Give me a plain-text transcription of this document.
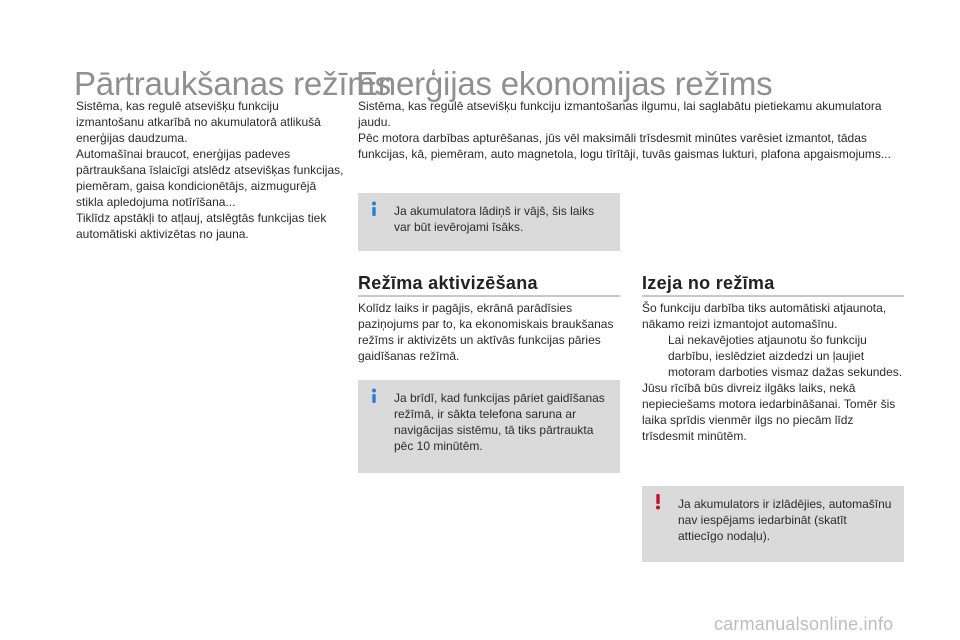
Pārtraukšanas režīms

Sistēma, kas regulē atsevišķu funkciju izmantošanu atkarībā no akumulatorā atlikušā enerģijas daudzuma.

Automašīnai braucot, enerģijas padeves pārtraukšana īslaicīgi atslēdz atsevišķas funkcijas, piemēram, gaisa kondicionētājs, aizmugurējā stikla apledojuma notīrīšana...

Tiklīdz apstākļi to atļauj, atslēgtās funkcijas tiek automātiski aktivizētas no jauna.

Enerģijas ekonomijas režīms

Sistēma, kas regulē atsevišķu funkciju izmantošanas ilgumu, lai saglabātu pietiekamu akumulatora jaudu.

Pēc motora darbības apturēšanas, jūs vēl maksimāli trīsdesmit minūtes varēsiet izmantot, tādas funkcijas, kā, piemēram, auto magnetola, logu tīrītāji, tuvās gaismas lukturi, plafona apgaismojums...

Ja akumulatora lādiņš ir vājš, šis laiks var būt ievērojami īsāks.
Režīma aktivizēšana

Kolīdz laiks ir pagājis, ekrānā parādīsies paziņojums par to, ka ekonomiskais braukšanas režīms ir aktivizēts un aktīvās funkcijas pāries gaidīšanas režīmā.

Ja brīdī, kad funkcijas pāriet gaidīšanas režīmā, ir sākta telefona saruna ar navigācijas sistēmu, tā tiks pārtraukta pēc 10 minūtēm.
Izeja no režīma

Šo funkciju darbība tiks automātiski atjaunota, nākamo reizi izmantojot automašīnu.

Lai nekavējoties atjaunotu šo funkciju darbību, ieslēdziet aizdedzi un ļaujiet motoram darboties vismaz dažas sekundes.

Jūsu rīcībā būs divreiz ilgāks laiks, nekā nepieciešams motora iedarbināšanai. Tomēr šis laika sprīdis vienmēr ilgs no piecām līdz trīsdesmit minūtēm.

Ja akumulators ir izlādējies, automašīnu nav iespējams iedarbināt (skatīt attiecīgo nodaļu).
carmanualsonline.info
